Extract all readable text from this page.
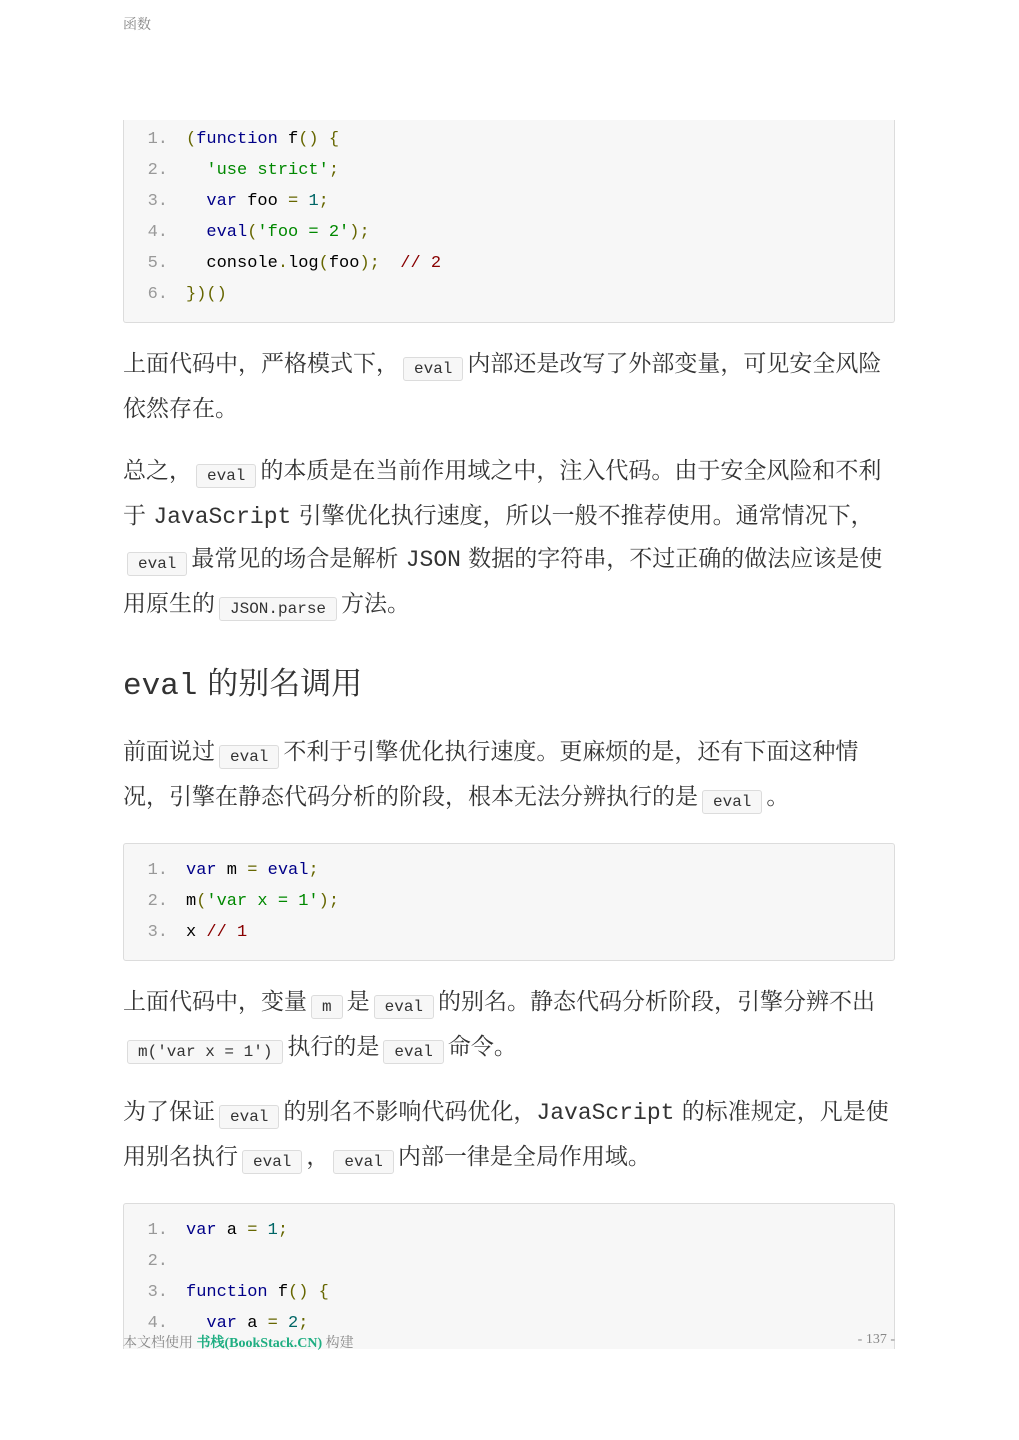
函数
1.	(function f() {
2.	'use strict';
3.	var foo = 1;
4.	eval('foo = 2');
5.	console.log(foo); // 2
6.	})()

上面代码中，严格模式下， eval 内部还是改写了外部变量，可见安全风险依然存在。

总之， eval 的本质是在当前作用域之中，注入代码。由于安全风险和不利于 JavaScript 引擎优化执行速度，所以一般不推荐使用。通常情况下，eval 最常见的场合是解析 JSON 数据的字符串，不过正确的做法应该是使用原生的 JSON.parse 方法。

eval 的别名调用

前面说过 eval 不利于引擎优化执行速度。更麻烦的是，还有下面这种情况，引擎在静态代码分析的阶段，根本无法分辨执行的是 eval 。

1.	var m = eval;
2.	m('var x = 1');
3.	x // 1

上面代码中，变量 m 是 eval 的别名。静态代码分析阶段，引擎分辨不出m('var x = 1') 执行的是 eval 命令。

为了保证 eval 的别名不影响代码优化，JavaScript 的标准规定，凡是使用别名执行 eval ， eval 内部一律是全局作用域。

1.	var a = 1;
2.
3.	function f() {
4.	var a = 2;
本文档使用 书栈(BookStack.CN) 构建	- 137 -
